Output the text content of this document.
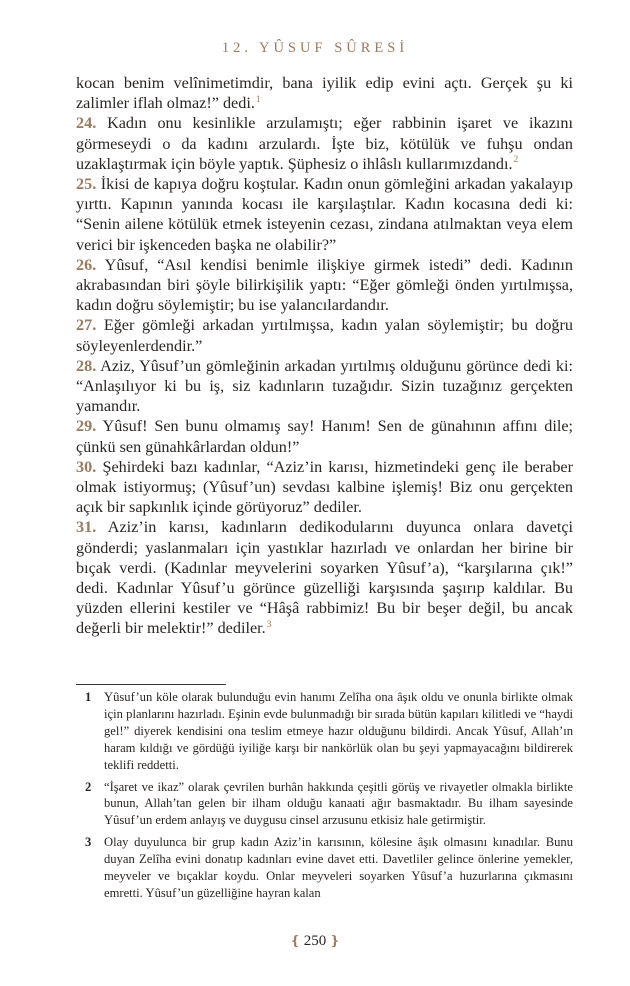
12. YÛSUF SÛRESİ

kocan benim velînimetimdir, bana iyilik edip evini açtı. Gerçek şu ki zalimler iflah olmaz!” dedi.$^1$

24. Kadın onu kesinlikle arzulamıştı; eğer rabbinin işaret ve ikazını görmeseydi o da kadını arzulardı. İşte biz, kötülük ve fuhşu ondan uzaklaştırmak için böyle yaptık. Şüphesiz o ihlâslı kullarımızdandı.$^2$

25. İkisi de kapıya doğru koştular. Kadın onun gömleğini arkadan yakalayıp yırttı. Kapının yanında kocası ile karşılaştılar. Kadın kocasına dedi ki: “Senin ailene kötülük etmek isteyenin cezası, zindana atılmaktan veya elem verici bir işkenceden başka ne olabilir?”

26. Yûsuf, “Asıl kendisi benimle ilişkiye girmek istedi” dedi. Kadının akrabasından biri şöyle bilirkişilik yaptı: “Eğer gömleği önden yırtılmışsa, kadın doğru söylemiştir; bu ise yalancılardandır.

27. Eğer gömleği arkadan yırtılmışsa, kadın yalan söylemiştir; bu doğru söyleyenlerdendir.”

28. Aziz, Yûsuf’un gömleğinin arkadan yırtılmış olduğunu görünce dedi ki: “Anlaşılıyor ki bu iş, siz kadınların tuzağıdır. Sizin tuzağınız gerçekten yamandır.

29. Yûsuf! Sen bunu olmamış say! Hanım! Sen de günahının affını dile; çünkü sen günahkârlardan oldun!”

30. Şehirdeki bazı kadınlar, “Aziz’in karısı, hizmetindeki genç ile beraber olmak istiyormuş; (Yûsuf’un) sevdası kalbine işlemiş! Biz onu gerçekten açık bir sapkınlık içinde görüyoruz” dediler.

31. Aziz’in karısı, kadınların dedikodularını duyunca onlara davetçi gönderdi; yaslanmaları için yastıklar hazırladı ve onlardan her birine bir bıçak verdi. (Kadınlar meyvelerini soyarken Yûsuf’a), “karşılarına çık!” dedi. Kadınlar Yûsuf’u görünce güzelliği karşısında şaşırıp kaldılar. Bu yüzden ellerini kestiler ve “Hâşâ rabbimiz! Bu bir beşer değil, bu ancak değerli bir melektir!” dediler.$^3$

1	Yûsuf’un köle olarak bulunduğu evin hanımı Zelîha ona âşık oldu ve onunla birlikte olmak için planlarını hazırladı. Eşinin evde bulunmadığı bir sırada bütün kapıları kilitledi ve “haydi gel!” diyerek kendisini ona teslim etmeye hazır olduğunu bildirdi. Ancak Yûsuf, Allah’ın haram kıldığı ve gördüğü iyiliğe karşı bir nankörlük olan bu şeyi yapmayacağını bildirerek teklifi reddetti.
2	“İşaret ve ikaz” olarak çevrilen burhân hakkında çeşitli görüş ve rivayetler olmakla birlikte bunun, Allah’tan gelen bir ilham olduğu kanaati ağır basmaktadır. Bu ilham sayesinde Yûsuf’un erdem anlayış ve duygusu cinsel arzusunu etkisiz hale getirmiştir.
3	Olay duyulunca bir grup kadın Aziz’in karısının, kölesine âşık olmasını kınadılar. Bunu duyan Zelîha evini donatıp kadınları evine davet etti. Davetliler gelince önlerine yemekler, meyveler ve bıçaklar koydu. Onlar meyveleri soyarken Yûsuf’a huzurlarına çıkmasını emretti. Yûsuf’un güzelliğine hayran kalan
❴ 250 ❵
